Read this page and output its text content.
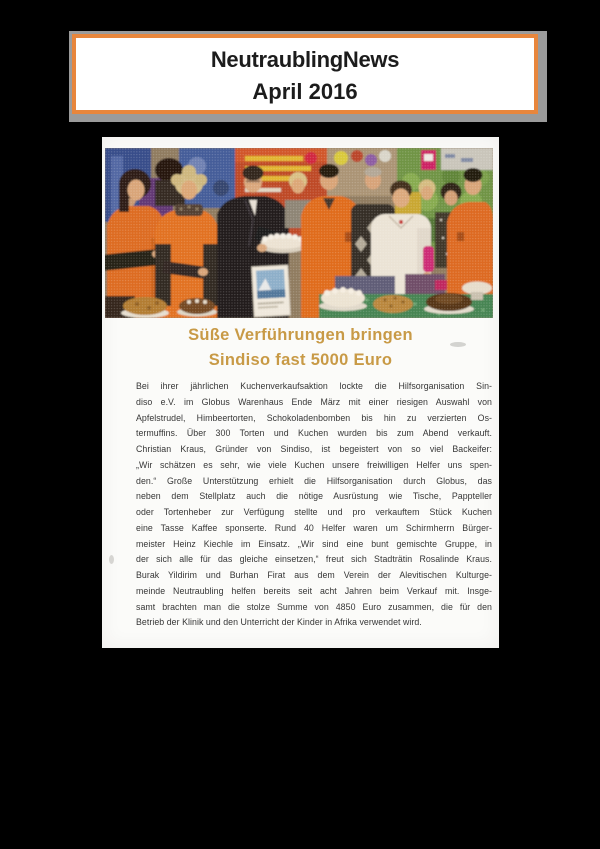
NeutraublingNews
April 2016
Süße Verführungen bringen
Sindiso fast 5000 Euro
Bei ihrer jährlichen Kuchenverkaufsaktion lockte die Hilfsorganisation Sin-
diso e.V. im Globus Warenhaus Ende März mit einer riesigen Auswahl von
Apfelstrudel, Himbeertorten, Schokoladenbomben bis hin zu verzierten Os-
termuffins. Über 300 Torten und Kuchen wurden bis zum Abend verkauft.
Christian Kraus, Gründer von Sindiso, ist begeistert von so viel Backeifer:
„Wir schätzen es sehr, wie viele Kuchen unsere freiwilligen Helfer uns spen-
den.“ Große Unterstützung erhielt die Hilfsorganisation durch Globus, das
neben dem Stellplatz auch die nötige Ausrüstung wie Tische, Pappteller
oder Tortenheber zur Verfügung stellte und pro verkauftem Stück Kuchen
eine Tasse Kaffee sponserte. Rund 40 Helfer waren um Schirmherrn Bürger-
meister Heinz Kiechle im Einsatz. „Wir sind eine bunt gemischte Gruppe, in
der sich alle für das gleiche einsetzen,“ freut sich Stadträtin Rosalinde Kraus.
Burak Yildirim und Burhan Firat aus dem Verein der Alevitischen Kulturge-
meinde Neutraubling helfen bereits seit acht Jahren beim Verkauf mit. Insge-
samt brachten man die stolze Summe von 4850 Euro zusammen, die für den
Betrieb der Klinik und den Unterricht der Kinder in Afrika verwendet wird.
